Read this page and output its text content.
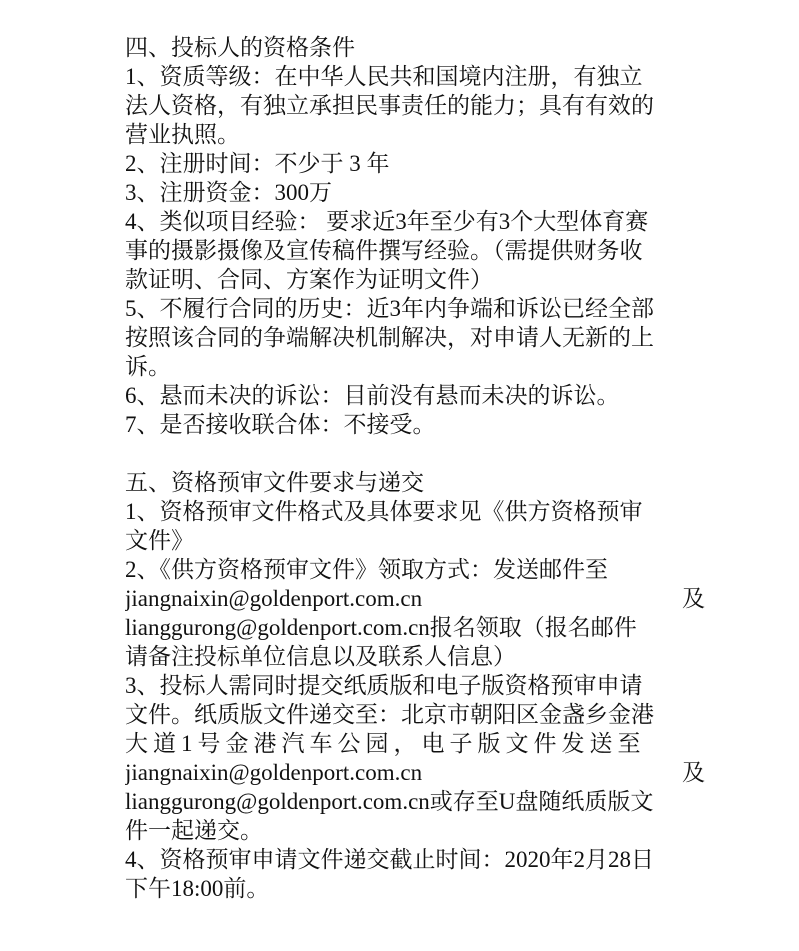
四、投标人的资格条件
1、资质等级：在中华人民共和国境内注册，有独立
法人资格，有独立承担民事责任的能力；具有有效的
营业执照。
2、注册时间：不少于 3 年
3、注册资金：300万
4、类似项目经验： 要求近3年至少有3个大型体育赛
事的摄影摄像及宣传稿件撰写经验。（需提供财务收
款证明、合同、方案作为证明文件）
5、不履行合同的历史：近3年内争端和诉讼已经全部
按照该合同的争端解决机制解决，对申请人无新的上
诉。
6、悬而未决的诉讼：目前没有悬而未决的诉讼。
7、是否接收联合体：不接受。
五、资格预审文件要求与递交
1、资格预审文件格式及具体要求见《供方资格预审
文件》
2、《供方资格预审文件》领取方式：发送邮件至
jiangnaixin@goldenport.com.cn	及
lianggurong@goldenport.com.cn报名领取（报名邮件
请备注投标单位信息以及联系人信息）
3、投标人需同时提交纸质版和电子版资格预审申请
文件。纸质版文件递交至：北京市朝阳区金盏乡金港
大道1号金港汽车公园，电子版文件发送至
jiangnaixin@goldenport.com.cn	及
lianggurong@goldenport.com.cn或存至U盘随纸质版文
件一起递交。
4、资格预审申请文件递交截止时间：2020年2月28日
下午18:00前。
